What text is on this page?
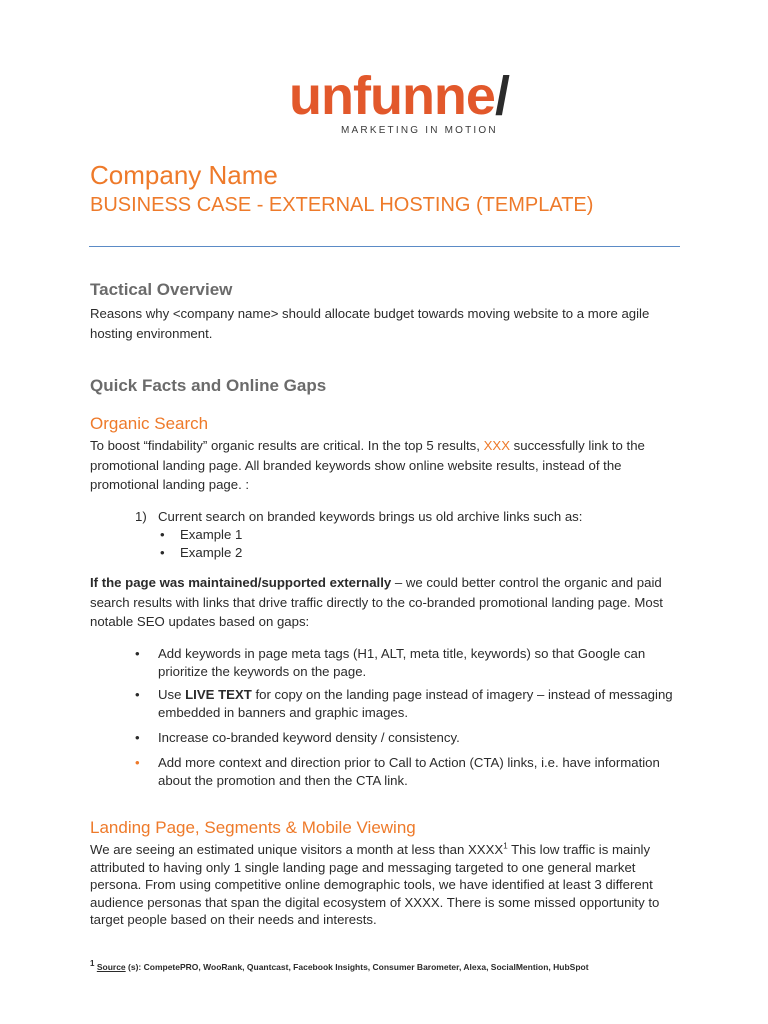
unfunne/
MARKETING IN MOTION
Company Name
BUSINESS CASE - EXTERNAL HOSTING (TEMPLATE)
Tactical Overview
Reasons why <company name> should allocate budget towards moving website to a more agile hosting environment.
Quick Facts and Online Gaps
Organic Search
To boost “findability” organic results are critical. In the top 5 results, XXX successfully link to the promotional landing page. All branded keywords show online website results, instead of the promotional landing page. :
1) Current search on branded keywords brings us old archive links such as:
• Example 1
• Example 2
If the page was maintained/supported externally – we could better control the organic and paid search results with links that drive traffic directly to the co-branded promotional landing page. Most notable SEO updates based on gaps:
•	Add keywords in page meta tags (H1, ALT, meta title, keywords) so that Google can prioritize the keywords on the page.
•	Use LIVE TEXT for copy on the landing page instead of imagery – instead of messaging embedded in banners and graphic images.
•	Increase co-branded keyword density / consistency.
•	Add more context and direction prior to Call to Action (CTA) links, i.e. have information about the promotion and then the CTA link.
Landing Page, Segments & Mobile Viewing
We are seeing an estimated unique visitors a month at less than XXXX$^1$ This low traffic is mainly attributed to having only 1 single landing page and messaging targeted to one general market persona. From using competitive online demographic tools, we have identified at least 3 different audience personas that span the digital ecosystem of XXXX. There is some missed opportunity to target people based on their needs and interests.
$^1$ Source (s): CompetePRO, WooRank, Quantcast, Facebook Insights, Consumer Barometer, Alexa, SocialMention, HubSpot
